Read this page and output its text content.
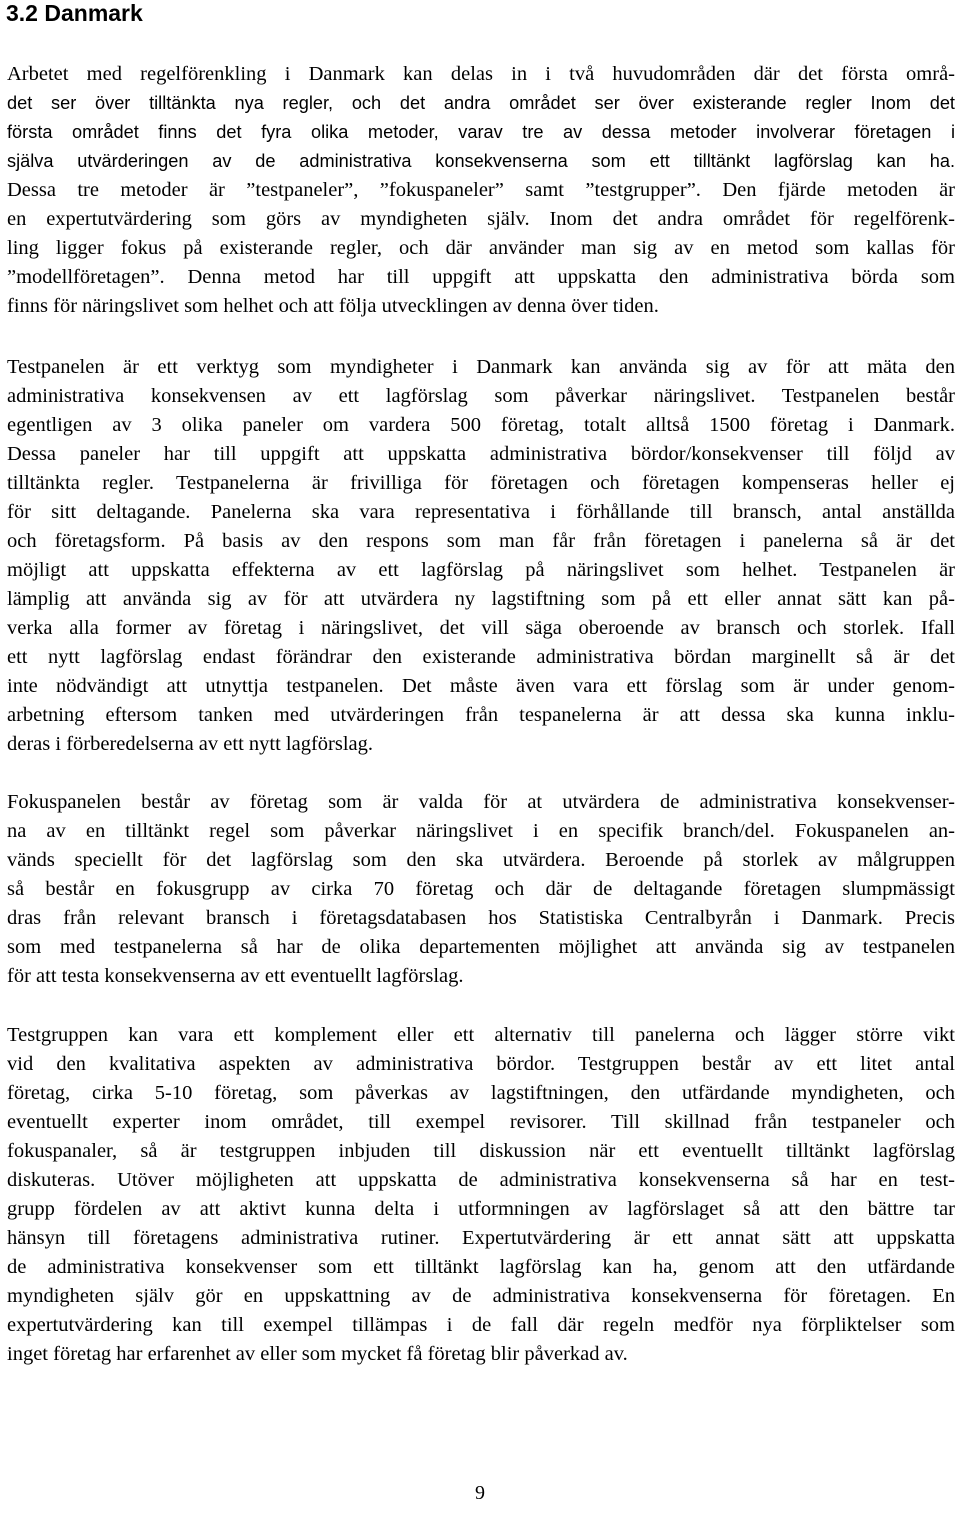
3.2 Danmark

Arbetet med regelförenkling i Danmark kan delas in i två huvudområden där det första områ-
det ser över tilltänkta nya regler, och det andra området ser över existerande regler Inom det
första området finns det fyra olika metoder, varav tre av dessa metoder involverar företagen i
själva utvärderingen av de administrativa konsekvenserna som ett tilltänkt lagförslag kan ha.
Dessa tre metoder är ”testpaneler”, ”fokuspaneler” samt ”testgrupper”. Den fjärde metoden är
en expertutvärdering som görs av myndigheten själv. Inom det andra området för regelförenk-
ling ligger fokus på existerande regler, och där använder man sig av en metod som kallas för
”modellföretagen”. Denna metod har till uppgift att uppskatta den administrativa börda som
finns för näringslivet som helhet och att följa utvecklingen av denna över tiden.

Testpanelen är ett verktyg som myndigheter i Danmark kan använda sig av för att mäta den
administrativa konsekvensen av ett lagförslag som påverkar näringslivet. Testpanelen består
egentligen av 3 olika paneler om vardera 500 företag, totalt alltså 1500 företag i Danmark.
Dessa paneler har till uppgift att uppskatta administrativa bördor/konsekvenser till följd av
tilltänkta regler. Testpanelerna är frivilliga för företagen och företagen kompenseras heller ej
för sitt deltagande. Panelerna ska vara representativa i förhållande till bransch, antal anställda
och företagsform. På basis av den respons som man får från företagen i panelerna så är det
möjligt att uppskatta effekterna av ett lagförslag på näringslivet som helhet. Testpanelen är
lämplig att använda sig av för att utvärdera ny lagstiftning som på ett eller annat sätt kan på-
verka alla former av företag i näringslivet, det vill säga oberoende av bransch och storlek. Ifall
ett nytt lagförslag endast förändrar den existerande administrativa bördan marginellt så är det
inte nödvändigt att utnyttja testpanelen. Det måste även vara ett förslag som är under genom-
arbetning eftersom tanken med utvärderingen från tespanelerna är att dessa ska kunna inklu-
deras i förberedelserna av ett nytt lagförslag.

Fokuspanelen består av företag som är valda för at utvärdera de administrativa konsekvenser-
na av en tilltänkt regel som påverkar näringslivet i en specifik branch/del. Fokuspanelen an-
vänds speciellt för det lagförslag som den ska utvärdera. Beroende på storlek av målgruppen
så består en fokusgrupp av cirka 70 företag och där de deltagande företagen slumpmässigt
dras från relevant bransch i företagsdatabasen hos Statistiska Centralbyrån i Danmark. Precis
som med testpanelerna så har de olika departementen möjlighet att använda sig av testpanelen
för att testa konsekvenserna av ett eventuellt lagförslag.

Testgruppen kan vara ett komplement eller ett alternativ till panelerna och lägger större vikt
vid den kvalitativa aspekten av administrativa bördor. Testgruppen består av ett litet antal
företag, cirka 5-10 företag, som påverkas av lagstiftningen, den utfärdande myndigheten, och
eventuellt experter inom området, till exempel revisorer. Till skillnad från testpaneler och
fokuspanaler, så är testgruppen inbjuden till diskussion när ett eventuellt tilltänkt lagförslag
diskuteras. Utöver möjligheten att uppskatta de administrativa konsekvenserna så har en test-
grupp fördelen av att aktivt kunna delta i utformningen av lagförslaget så att den bättre tar
hänsyn till företagens administrativa rutiner. Expertutvärdering är ett annat sätt att uppskatta
de administrativa konsekvenser som ett tilltänkt lagförslag kan ha, genom att den utfärdande
myndigheten själv gör en uppskattning av de administrativa konsekvenserna för företagen. En
expertutvärdering kan till exempel tillämpas i de fall där regeln medför nya förpliktelser som
inget företag har erfarenhet av eller som mycket få företag blir påverkad av.

9
